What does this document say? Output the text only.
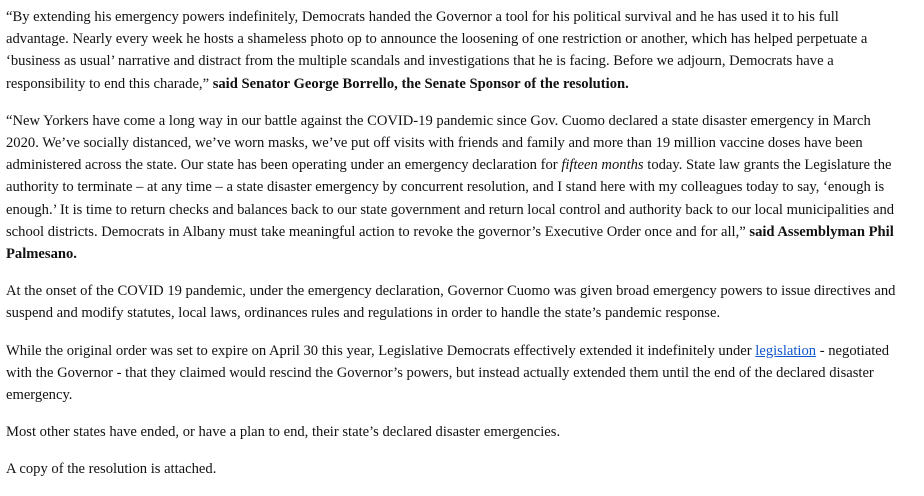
“By extending his emergency powers indefinitely, Democrats handed the Governor a tool for his political survival and he has used it to his full advantage. Nearly every week he hosts a shameless photo op to announce the loosening of one restriction or another, which has helped perpetuate a ‘business as usual’ narrative and distract from the multiple scandals and investigations that he is facing. Before we adjourn, Democrats have a responsibility to end this charade,” said Senator George Borrello, the Senate Sponsor of the resolution.

“New Yorkers have come a long way in our battle against the COVID-19 pandemic since Gov. Cuomo declared a state disaster emergency in March 2020. We’ve socially distanced, we’ve worn masks, we’ve put off visits with friends and family and more than 19 million vaccine doses have been administered across the state. Our state has been operating under an emergency declaration for fifteen months today. State law grants the Legislature the authority to terminate – at any time – a state disaster emergency by concurrent resolution, and I stand here with my colleagues today to say, ‘enough is enough.’ It is time to return checks and balances back to our state government and return local control and authority back to our local municipalities and school districts. Democrats in Albany must take meaningful action to revoke the governor’s Executive Order once and for all,” said Assemblyman Phil Palmesano.

At the onset of the COVID 19 pandemic, under the emergency declaration, Governor Cuomo was given broad emergency powers to issue directives and suspend and modify statutes, local laws, ordinances rules and regulations in order to handle the state’s pandemic response.

While the original order was set to expire on April 30 this year, Legislative Democrats effectively extended it indefinitely under legislation - negotiated with the Governor - that they claimed would rescind the Governor’s powers, but instead actually extended them until the end of the declared disaster emergency.

Most other states have ended, or have a plan to end, their state’s declared disaster emergencies.

A copy of the resolution is attached.
